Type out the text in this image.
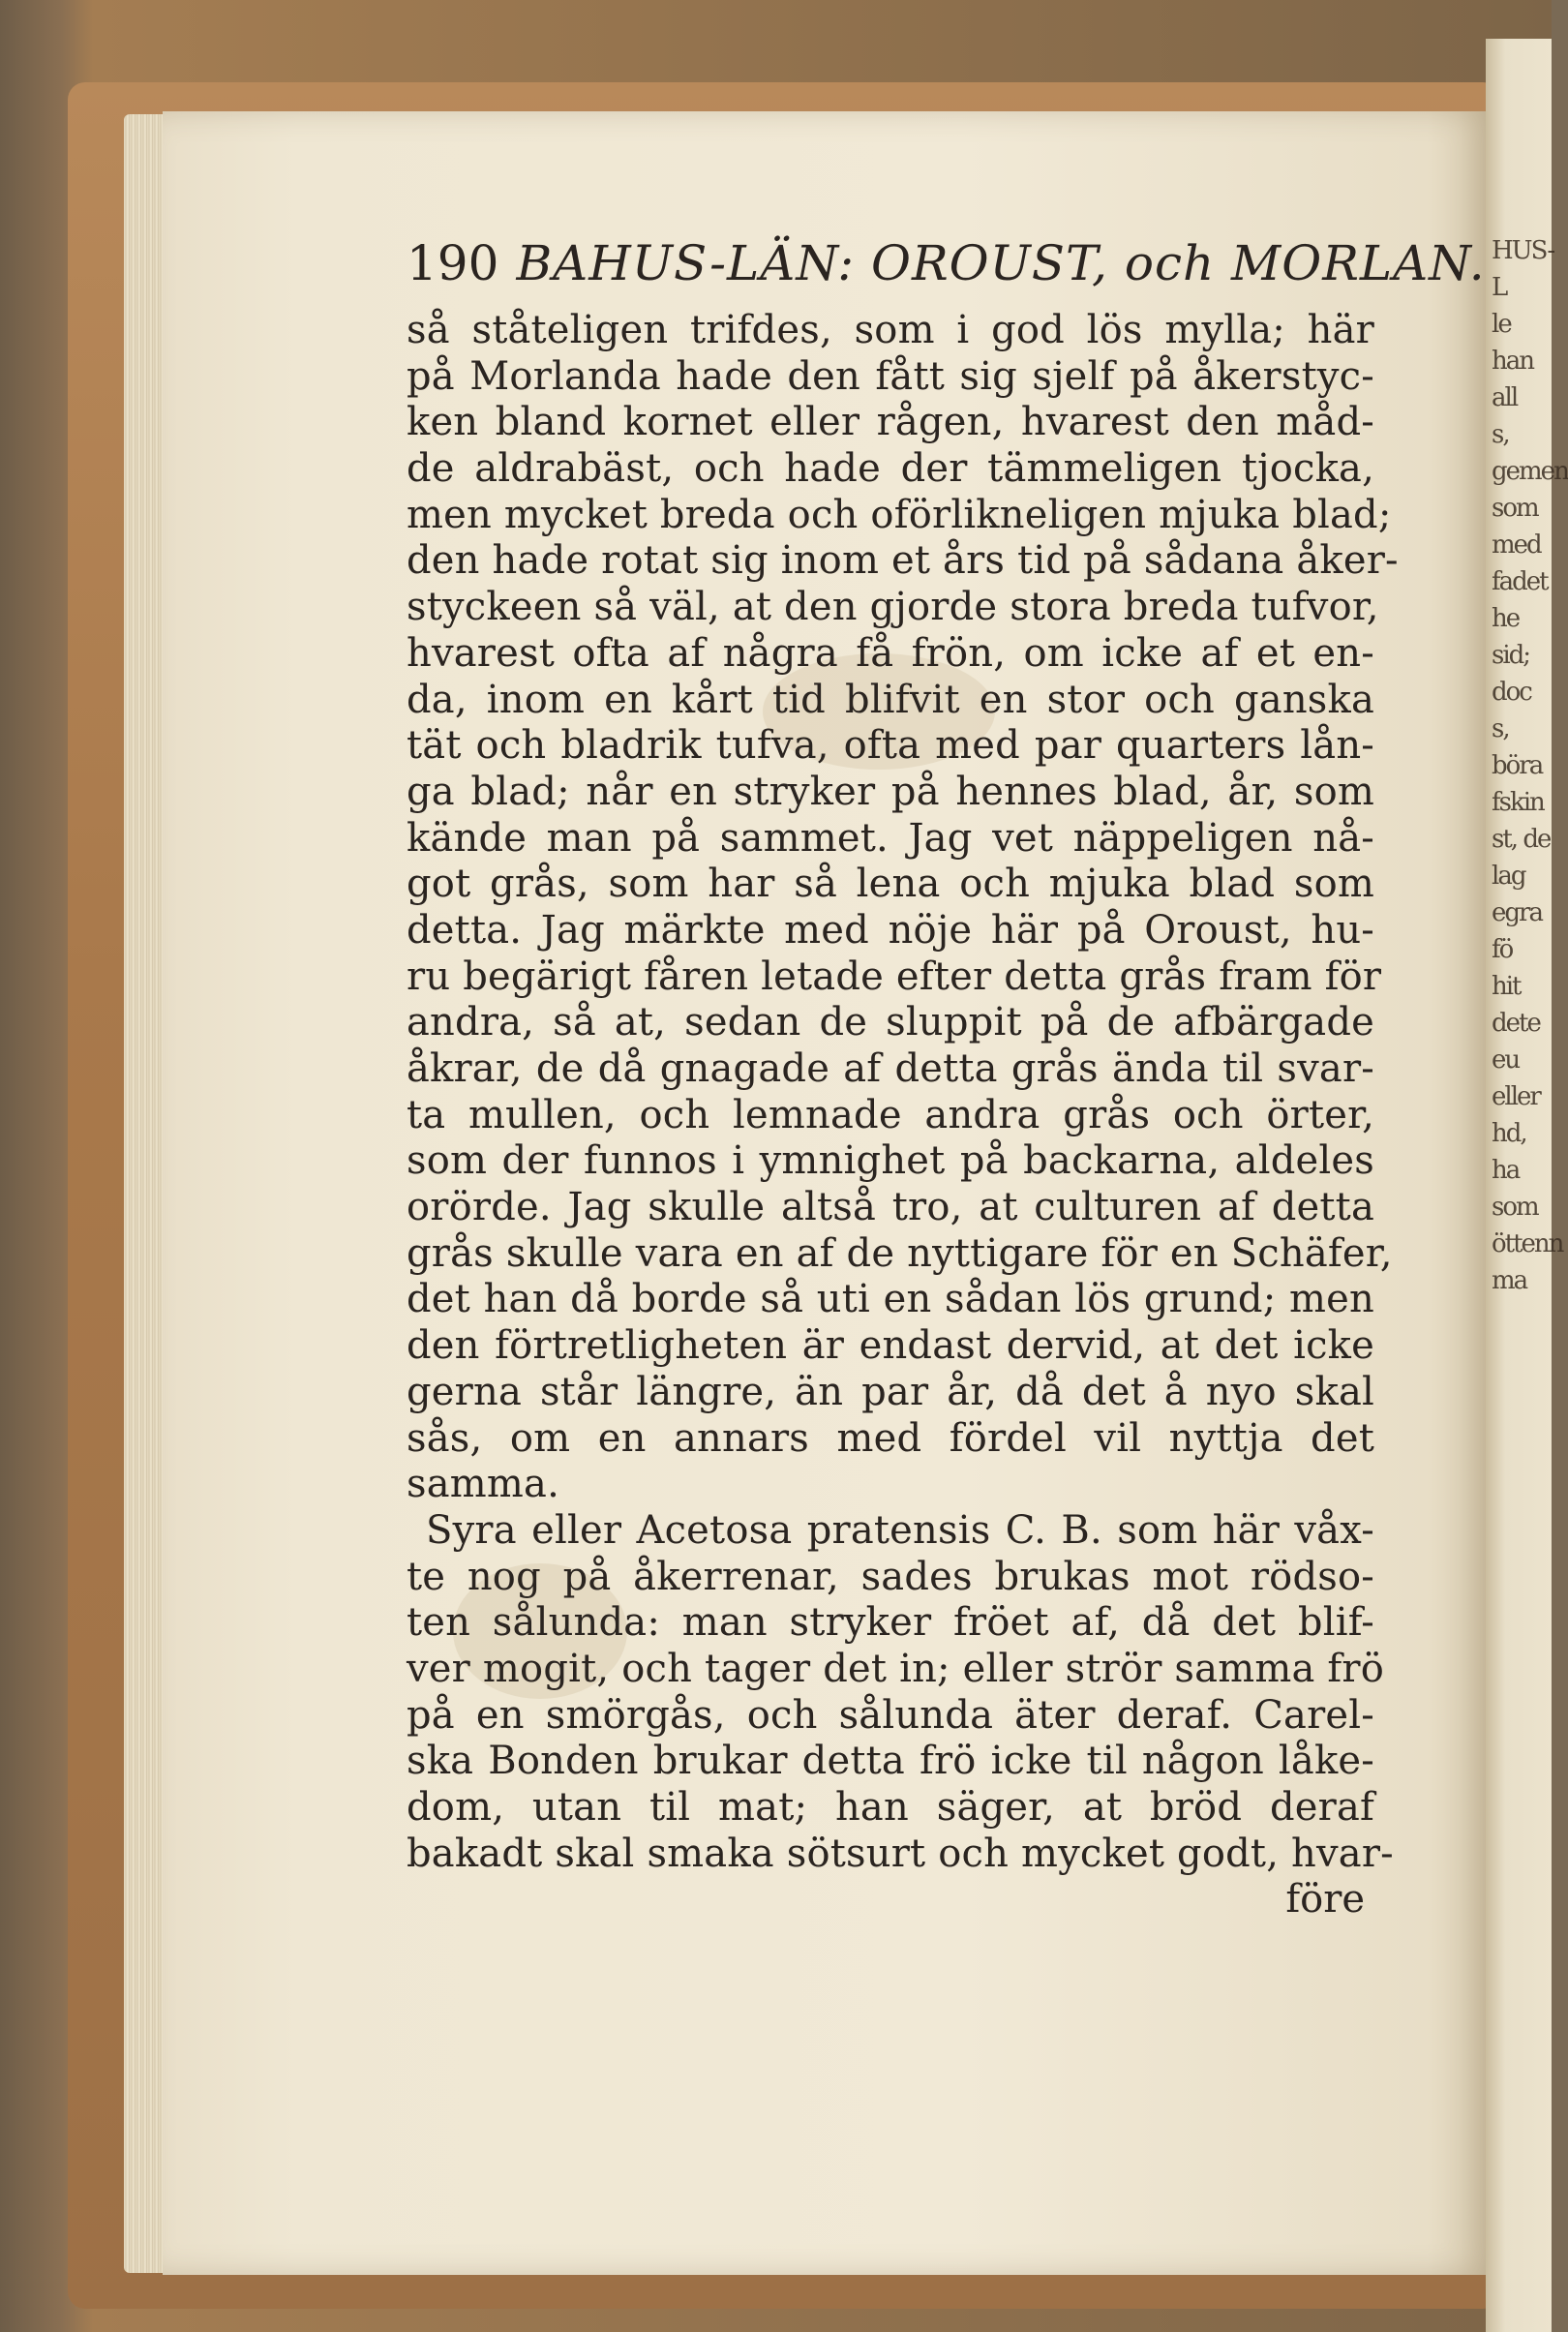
HUS-L
le han all
s, gemen
som med
fadet he
sid; doc
s, böra
fskin
st, de lag
egra fö
hit dete
eu eller
hd, ha
som
öttenn
ma
190 BAHUS-LÄN: OROUST, och MORLAN.
så ståteligen trifdes, som i god lös mylla; här
på Morlanda hade den fått sig sjelf på åkerstyc-
ken bland kornet eller rågen, hvarest den måd-
de aldrabäst, och hade der tämmeligen tjocka,
men mycket breda och oförlikneligen mjuka blad;
den hade rotat sig inom et års tid på sådana åker-
styckeen så väl, at den gjorde stora breda tufvor,
hvarest ofta af några få frön, om icke af et en-
da, inom en kårt tid blifvit en stor och ganska
tät och bladrik tufva, ofta med par quarters lån-
ga blad; når en stryker på hennes blad, år, som
kände man på sammet. Jag vet näppeligen nå-
got grås, som har så lena och mjuka blad som
detta. Jag märkte med nöje här på Oroust, hu-
ru begärigt fåren letade efter detta grås fram för
andra, så at, sedan de sluppit på de afbärgade
åkrar, de då gnagade af detta grås ända til svar-
ta mullen, och lemnade andra grås och örter,
som der funnos i ymnighet på backarna, aldeles
orörde. Jag skulle altså tro, at culturen af detta
grås skulle vara en af de nyttigare för en Schäfer,
det han då borde så uti en sådan lös grund; men
den förtretligheten är endast dervid, at det icke
gerna står längre, än par år, då det å nyo skal
sås, om en annars med fördel vil nyttja det
samma.
Syra eller Acetosa pratensis C. B. som här våx-
te nog på åkerrenar, sades brukas mot rödso-
ten sålunda: man stryker fröet af, då det blif-
ver mogit, och tager det in; eller strör samma frö
på en smörgås, och sålunda äter deraf. Carel-
ska Bonden brukar detta frö icke til någon låke-
dom, utan til mat; han säger, at bröd deraf
bakadt skal smaka sötsurt och mycket godt, hvar-
före
